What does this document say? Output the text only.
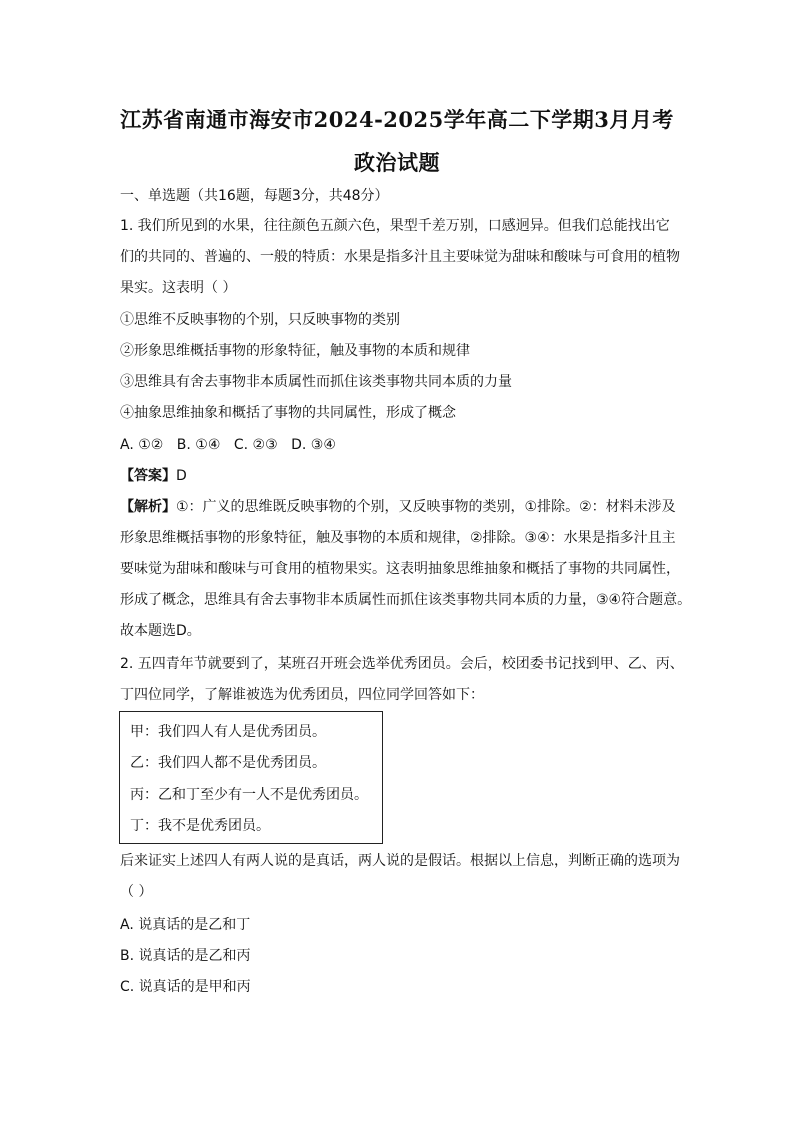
江苏省南通市海安市2024-2025学年高二下学期3月月考
政治试题
一、单选题（共16题，每题3分，共48分）
1. 我们所见到的水果，往往颜色五颜六色，果型千差万别，口感迥异。但我们总能找出它
们的共同的、普遍的、一般的特质：水果是指多汁且主要味觉为甜味和酸味与可食用的植物
果实。这表明（ ）
①思维不反映事物的个别，只反映事物的类别
②形象思维概括事物的形象特征，触及事物的本质和规律
③思维具有舍去事物非本质属性而抓住该类事物共同本质的力量
④抽象思维抽象和概括了事物的共同属性，形成了概念
A. ①② B. ①④ C. ②③ D. ③④
【答案】D
【解析】①：广义的思维既反映事物的个别，又反映事物的类别，①排除。②：材料未涉及
形象思维概括事物的形象特征，触及事物的本质和规律，②排除。③④：水果是指多汁且主
要味觉为甜味和酸味与可食用的植物果实。这表明抽象思维抽象和概括了事物的共同属性，
形成了概念，思维具有舍去事物非本质属性而抓住该类事物共同本质的力量，③④符合题意。
故本题选D。
2. 五四青年节就要到了，某班召开班会选举优秀团员。会后，校团委书记找到甲、乙、丙、
丁四位同学，了解谁被选为优秀团员，四位同学回答如下：
甲：我们四人有人是优秀团员。
乙：我们四人都不是优秀团员。
丙：乙和丁至少有一人不是优秀团员。
丁：我不是优秀团员。
后来证实上述四人有两人说的是真话，两人说的是假话。根据以上信息，判断正确的选项为
（ ）
A. 说真话的是乙和丁
B. 说真话的是乙和丙
C. 说真话的是甲和丙
